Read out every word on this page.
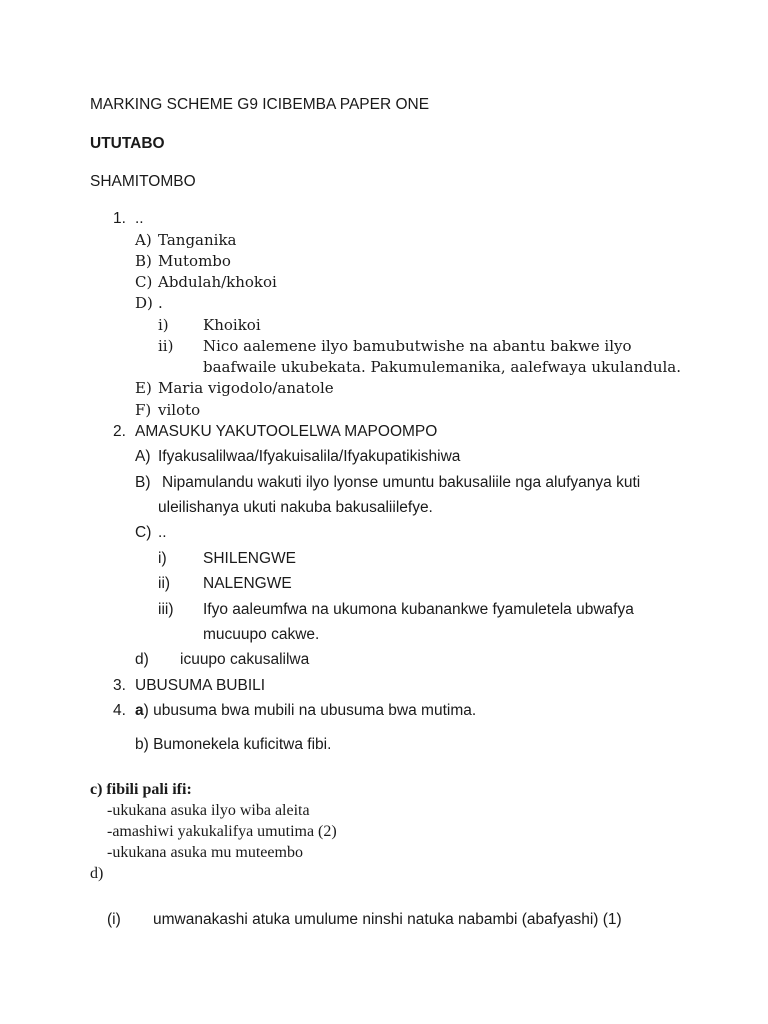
MARKING SCHEME G9 ICIBEMBA PAPER ONE

UTUTABO

SHAMITOMBO

1. ..

A) Tanganika

B) Mutombo

C) Abdulah/khokoi

D) .

i) Khoikoi

ii) Nico aalemene ilyo bamubutwishe na abantu bakwe ilyo

baafwaile ukubekata. Pakumulemanika, aalefwaya ukulandula.

E) Maria vigodolo/anatole

F) viloto

2. AMASUKU YAKUTOOLELWA MAPOOMPO

A) Ifyakusalilwaa/Ifyakuisalila/Ifyakupatikishiwa

B) Nipamulandu wakuti ilyo lyonse umuntu bakusaliile nga alufyanya kuti

uleilishanya ukuti nakuba bakusaliilefye.

C) ..

i) SHILENGWE

ii) NALENGWE

iii) Ifyo aaleumfwa na ukumona kubanankwe fyamuletela ubwafya

mucuupo cakwe.

d) icuupo cakusalilwa

3. UBUSUMA BUBILI

4. a) ubusuma bwa mubili na ubusuma bwa mutima.

b) Bumonekela kuficitwa fibi.

c) fibili pali ifi:

-ukukana asuka ilyo wiba aleita

-amashiwi yakukalifya umutima (2)

-ukukana asuka mu muteembo

d)

(i) umwanakashi atuka umulume ninshi natuka nabambi (abafyashi) (1)
